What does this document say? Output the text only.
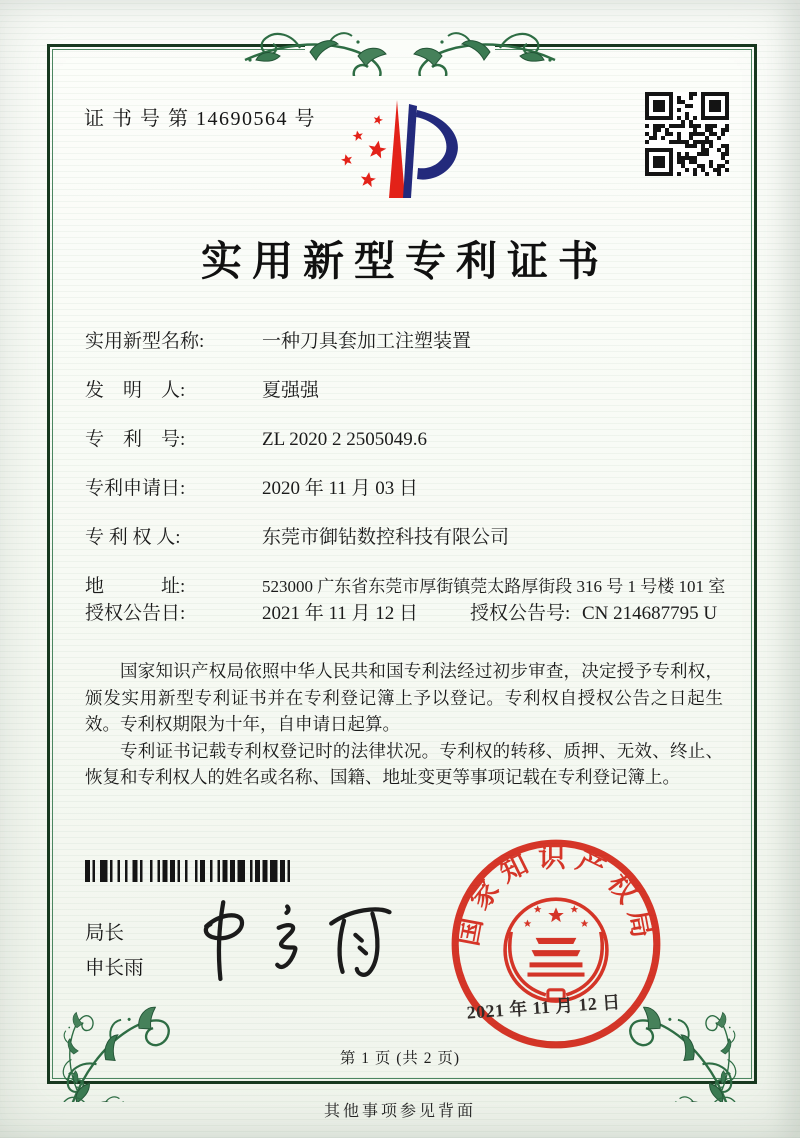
证 书 号 第 14690564 号
实用新型专利证书
实用新型名称:	一种刀具套加工注塑装置
发　明　人:	夏强强
专　利　号:	ZL 2020 2 2505049.6
专利申请日:	2020 年 11 月 03 日
专 利 权 人:	东莞市御钻数控科技有限公司
地　　　址:	523000 广东省东莞市厚街镇莞太路厚街段 316 号 1 号楼 101 室
授权公告日:	2021 年 11 月 12 日	授权公告号: CN 214687795 U

国家知识产权局依照中华人民共和国专利法经过初步审查，决定授予专利权，颁发实用新型专利证书并在专利登记簿上予以登记。专利权自授权公告之日起生效。专利权期限为十年，自申请日起算。

专利证书记载专利权登记时的法律状况。专利权的转移、质押、无效、终止、恢复和专利权人的姓名或名称、国籍、地址变更等事项记载在专利登记簿上。

局长
申长雨
国家知识产权局
2021 年 11 月 12 日
第 1 页 (共 2 页)
其他事项参见背面
